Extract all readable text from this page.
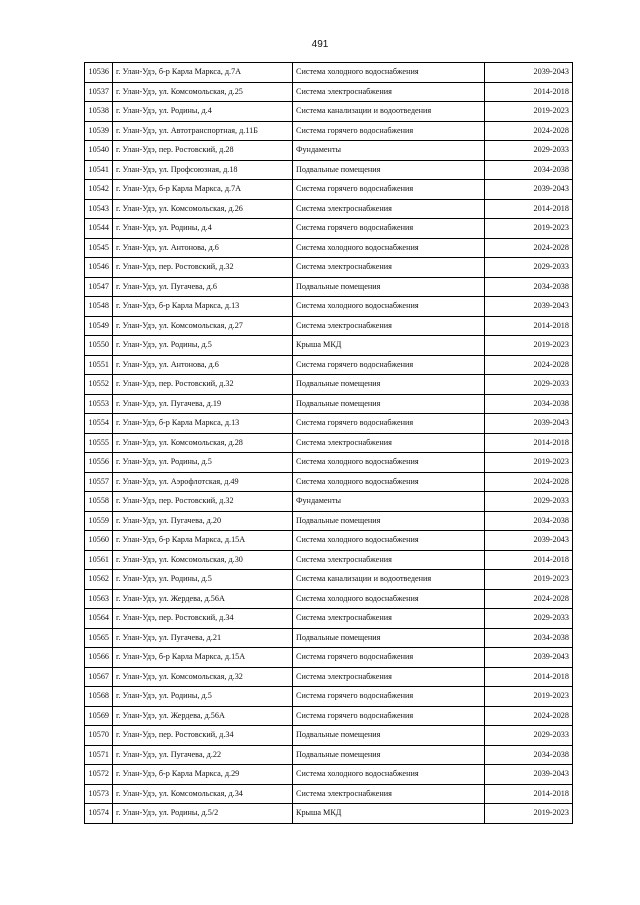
491
10536	г. Улан-Удэ, б-р Карла Маркса, д.7А	Система холодного водоснабжения	2039-2043
10537	г. Улан-Удэ, ул. Комсомольская, д.25	Система электроснабжения	2014-2018
10538	г. Улан-Удэ, ул. Родины, д.4	Система канализации и водоотведения	2019-2023
10539	г. Улан-Удэ, ул. Автотранспортная, д.11Б	Система горячего водоснабжения	2024-2028
10540	г. Улан-Удэ, пер. Ростовский, д.28	Фундаменты	2029-2033
10541	г. Улан-Удэ, ул. Профсоюзная, д.18	Подвальные помещения	2034-2038
10542	г. Улан-Удэ, б-р Карла Маркса, д.7А	Система горячего водоснабжения	2039-2043
10543	г. Улан-Удэ, ул. Комсомольская, д.26	Система электроснабжения	2014-2018
10544	г. Улан-Удэ, ул. Родины, д.4	Система горячего водоснабжения	2019-2023
10545	г. Улан-Удэ, ул. Антонова, д.6	Система холодного водоснабжения	2024-2028
10546	г. Улан-Удэ, пер. Ростовский, д.32	Система электроснабжения	2029-2033
10547	г. Улан-Удэ, ул. Пугачева, д.6	Подвальные помещения	2034-2038
10548	г. Улан-Удэ, б-р Карла Маркса, д.13	Система холодного водоснабжения	2039-2043
10549	г. Улан-Удэ, ул. Комсомольская, д.27	Система электроснабжения	2014-2018
10550	г. Улан-Удэ, ул. Родины, д.5	Крыша МКД	2019-2023
10551	г. Улан-Удэ, ул. Антонова, д.6	Система горячего водоснабжения	2024-2028
10552	г. Улан-Удэ, пер. Ростовский, д.32	Подвальные помещения	2029-2033
10553	г. Улан-Удэ, ул. Пугачева, д.19	Подвальные помещения	2034-2038
10554	г. Улан-Удэ, б-р Карла Маркса, д.13	Система горячего водоснабжения	2039-2043
10555	г. Улан-Удэ, ул. Комсомольская, д.28	Система электроснабжения	2014-2018
10556	г. Улан-Удэ, ул. Родины, д.5	Система холодного водоснабжения	2019-2023
10557	г. Улан-Удэ, ул. Аэрофлотская, д.49	Система холодного водоснабжения	2024-2028
10558	г. Улан-Удэ, пер. Ростовский, д.32	Фундаменты	2029-2033
10559	г. Улан-Удэ, ул. Пугачева, д.20	Подвальные помещения	2034-2038
10560	г. Улан-Удэ, б-р Карла Маркса, д.15А	Система холодного водоснабжения	2039-2043
10561	г. Улан-Удэ, ул. Комсомольская, д.30	Система электроснабжения	2014-2018
10562	г. Улан-Удэ, ул. Родины, д.5	Система канализации и водоотведения	2019-2023
10563	г. Улан-Удэ, ул. Жердева, д.56А	Система холодного водоснабжения	2024-2028
10564	г. Улан-Удэ, пер. Ростовский, д.34	Система электроснабжения	2029-2033
10565	г. Улан-Удэ, ул. Пугачева, д.21	Подвальные помещения	2034-2038
10566	г. Улан-Удэ, б-р Карла Маркса, д.15А	Система горячего водоснабжения	2039-2043
10567	г. Улан-Удэ, ул. Комсомольская, д.32	Система электроснабжения	2014-2018
10568	г. Улан-Удэ, ул. Родины, д.5	Система горячего водоснабжения	2019-2023
10569	г. Улан-Удэ, ул. Жердева, д.56А	Система горячего водоснабжения	2024-2028
10570	г. Улан-Удэ, пер. Ростовский, д.34	Подвальные помещения	2029-2033
10571	г. Улан-Удэ, ул. Пугачева, д.22	Подвальные помещения	2034-2038
10572	г. Улан-Удэ, б-р Карла Маркса, д.29	Система холодного водоснабжения	2039-2043
10573	г. Улан-Удэ, ул. Комсомольская, д.34	Система электроснабжения	2014-2018
10574	г. Улан-Удэ, ул. Родины, д.5/2	Крыша МКД	2019-2023
